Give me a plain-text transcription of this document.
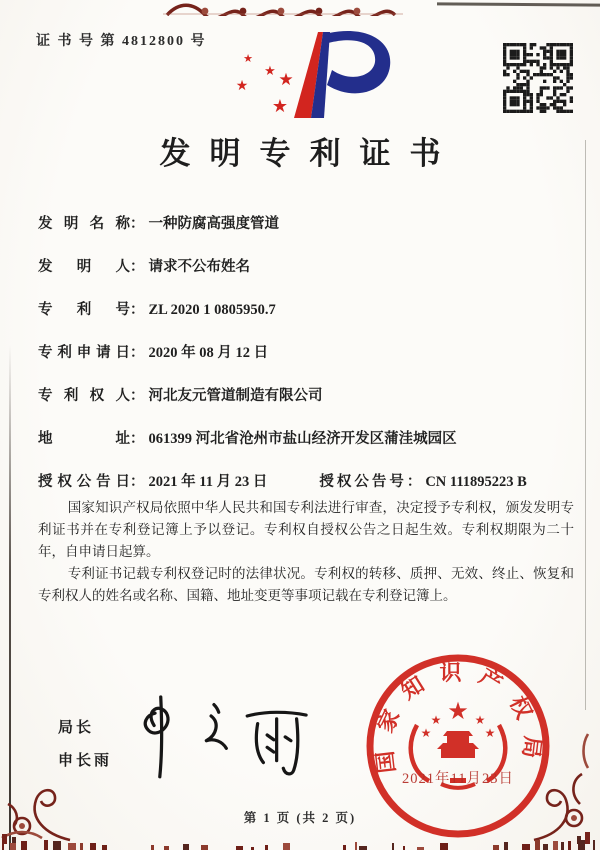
证 书 号 第 4812800 号
★
★
★ ★
★
发明专利证书
发明名称： 一种防腐高强度管道
发明人： 请求不公布姓名
专利号： ZL 2020 1 0805950.7
专利申请日： 2020 年 08 月 12 日
专利权人： 河北友元管道制造有限公司
地址： 061399 河北省沧州市盐山经济开发区蒲洼城园区
授权公告日： 2021 年 11 月 23 日	授权公告号： CN 111895223 B

国家知识产权局依照中华人民共和国专利法进行审查，决定授予专利权，颁发发明专利证书并在专利登记簿上予以登记。专利权自授权公告之日起生效。专利权期限为二十年，自申请日起算。

专利证书记载专利权登记时的法律状况。专利权的转移、质押、无效、终止、恢复和专利权人的姓名或名称、国籍、地址变更等事项记载在专利登记簿上。

局长
申长雨	国家知识产权局
★
★
★
★
★
2021年11月23日
第 1 页 (共 2 页)
